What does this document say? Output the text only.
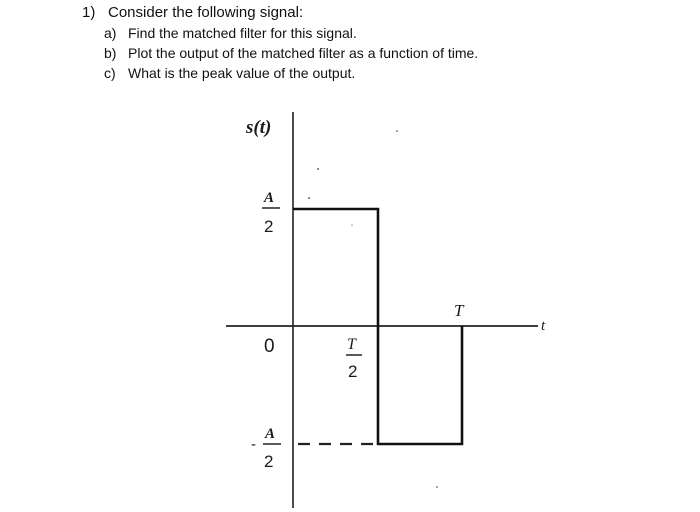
1) Consider the following signal:
a) Find the matched filter for this signal.
b) Plot the output of the matched filter as a function of time.
c) What is the peak value of the output.
s(t)
A
2
0	T
2
T
t
-
A
2
